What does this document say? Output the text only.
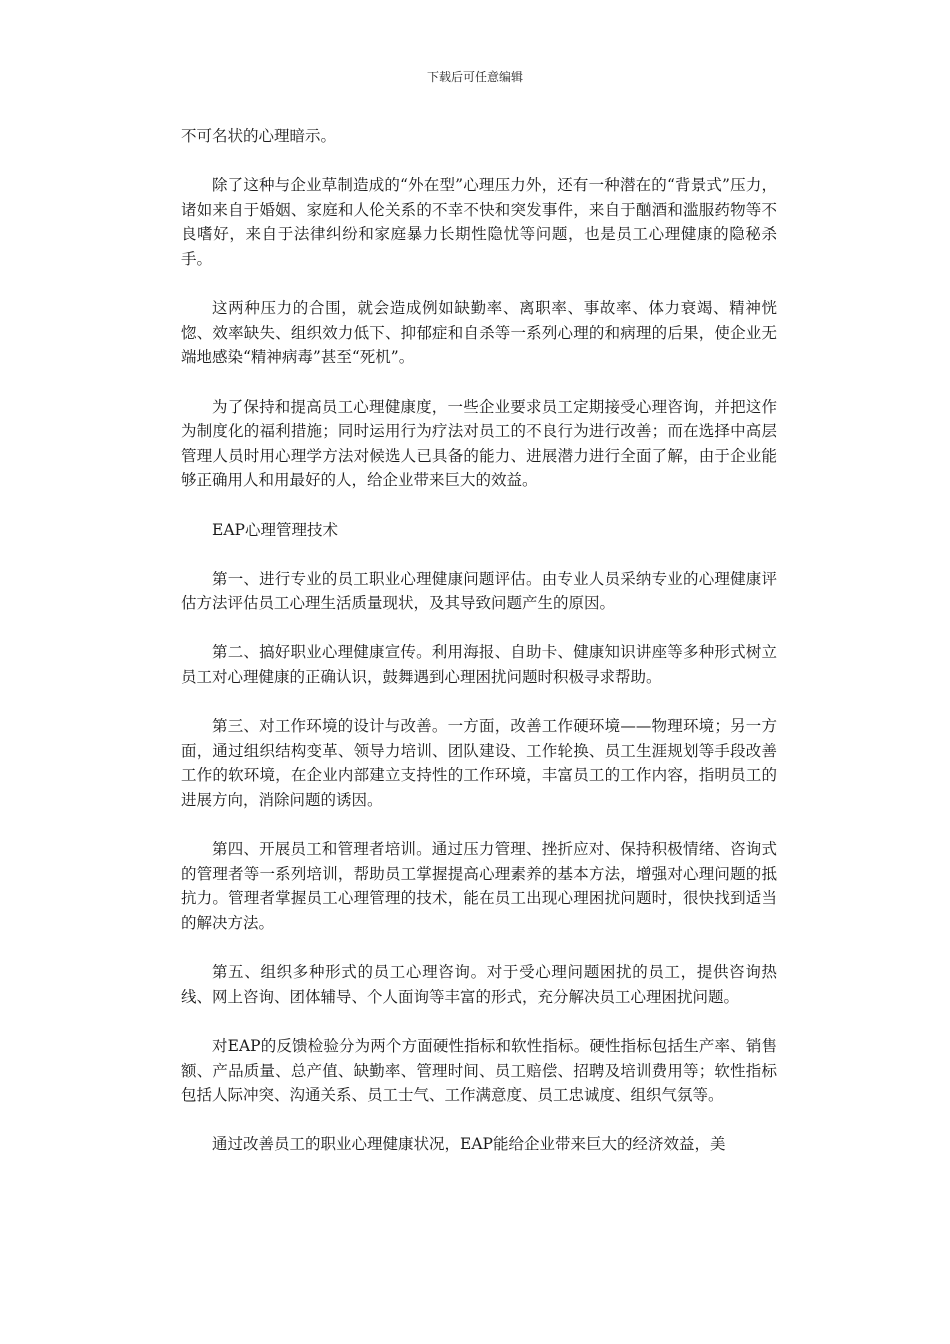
下载后可任意编辑

不可名状的心理暗示。

除了这种与企业草制造成的“外在型”心理压力外，还有一种潜在的“背景式”压力，诸如来自于婚姻、家庭和人伦关系的不幸不快和突发事件，来自于酗酒和滥服药物等不良嗜好，来自于法律纠纷和家庭暴力长期性隐忧等问题，也是员工心理健康的隐秘杀手。

这两种压力的合围，就会造成例如缺勤率、离职率、事故率、体力衰竭、精神恍惚、效率缺失、组织效力低下、抑郁症和自杀等一系列心理的和病理的后果，使企业无端地感染“精神病毒”甚至“死机”。

为了保持和提高员工心理健康度，一些企业要求员工定期接受心理咨询，并把这作为制度化的福利措施；同时运用行为疗法对员工的不良行为进行改善；而在选择中高层管理人员时用心理学方法对候选人已具备的能力、进展潜力进行全面了解，由于企业能够正确用人和用最好的人，给企业带来巨大的效益。

EAP心理管理技术

第一、进行专业的员工职业心理健康问题评估。由专业人员采纳专业的心理健康评估方法评估员工心理生活质量现状，及其导致问题产生的原因。

第二、搞好职业心理健康宣传。利用海报、自助卡、健康知识讲座等多种形式树立员工对心理健康的正确认识，鼓舞遇到心理困扰问题时积极寻求帮助。

第三、对工作环境的设计与改善。一方面，改善工作硬环境——物理环境；另一方面，通过组织结构变革、领导力培训、团队建设、工作轮换、员工生涯规划等手段改善工作的软环境，在企业内部建立支持性的工作环境，丰富员工的工作内容，指明员工的进展方向，消除问题的诱因。

第四、开展员工和管理者培训。通过压力管理、挫折应对、保持积极情绪、咨询式的管理者等一系列培训，帮助员工掌握提高心理素养的基本方法，增强对心理问题的抵抗力。管理者掌握员工心理管理的技术，能在员工出现心理困扰问题时，很快找到适当的解决方法。

第五、组织多种形式的员工心理咨询。对于受心理问题困扰的员工，提供咨询热线、网上咨询、团体辅导、个人面询等丰富的形式，充分解决员工心理困扰问题。

对EAP的反馈检验分为两个方面硬性指标和软性指标。硬性指标包括生产率、销售额、产品质量、总产值、缺勤率、管理时间、员工赔偿、招聘及培训费用等；软性指标包括人际冲突、沟通关系、员工士气、工作满意度、员工忠诚度、组织气氛等。

通过改善员工的职业心理健康状况，EAP能给企业带来巨大的经济效益，美
